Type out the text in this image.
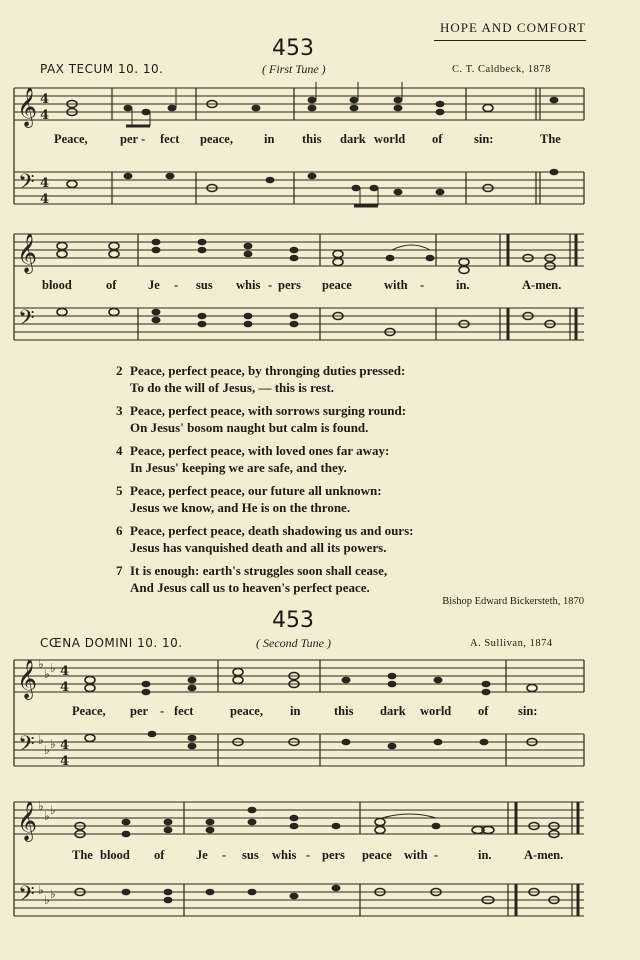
HOPE AND COMFORT
453
PAX TECUM 10. 10.	( First Tune )	C. T. Caldbeck, 1878
𝄞
𝄢
4
4
4
4
Peace,	per - fect peace, in this dark world of	sin:	The
𝄞
𝄢
blood	of	Je - sus whis - pers peace	with -	in.	A-men.
2 Peace, perfect peace, by thronging duties pressed:
To do the will of Jesus, — this is rest.
3 Peace, perfect peace, with sorrows surging round:
On Jesus' bosom naught but calm is found.
4 Peace, perfect peace, with loved ones far away:
In Jesus' keeping we are safe, and they.
5 Peace, perfect peace, our future all unknown:
Jesus we know, and He is on the throne.
6 Peace, perfect peace, death shadowing us and ours:
Jesus has vanquished death and all its powers.
7 It is enough: earth's struggles soon shall cease,
And Jesus call us to heaven's perfect peace.
Bishop Edward Bickersteth, 1870
453
CŒNA DOMINI 10. 10.	( Second Tune )	A. Sullivan, 1874
𝄞
𝄢
♭
♭ ♭
♭
♭ ♭
4
4
4
4
Peace, per - fect	peace, in	this dark world of sin:
𝄞
𝄢
♭
♭ ♭
♭
♭ ♭
The blood of	Je - sus whis - pers peace with -	in.	A-men.
